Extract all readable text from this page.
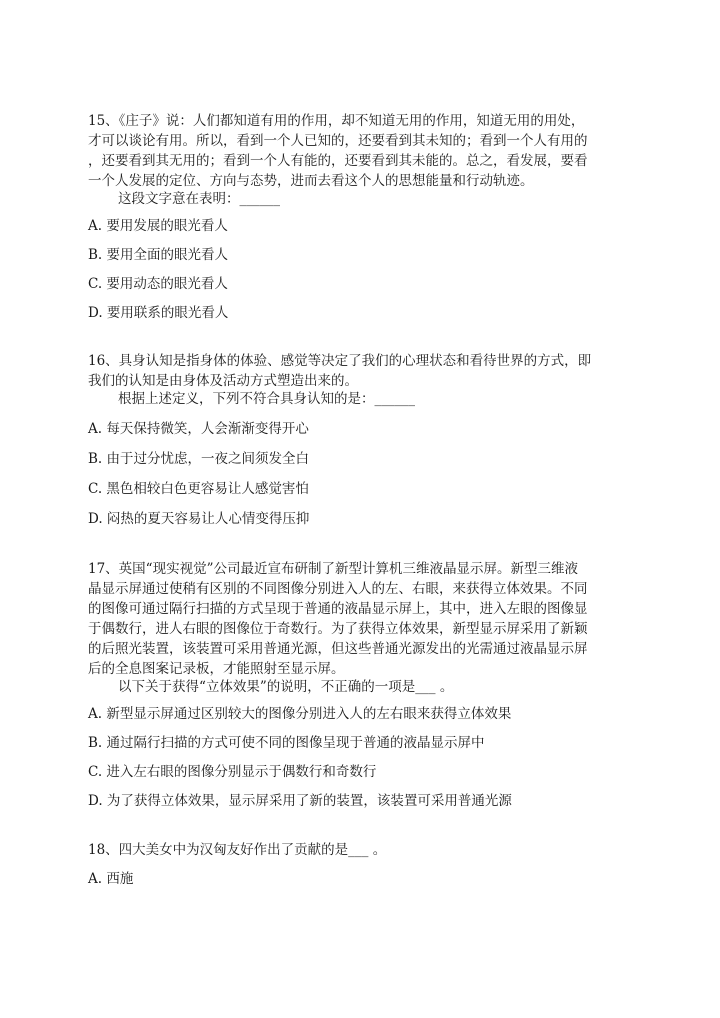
15、《庄子》说：人们都知道有用的作用，却不知道无用的作用，知道无用的用处，
才可以谈论有用。所以，看到一个人已知的，还要看到其未知的；看到一个人有用的
，还要看到其无用的；看到一个人有能的，还要看到其未能的。总之，看发展，要看
一个人发展的定位、方向与态势，进而去看这个人的思想能量和行动轨迹。
这段文字意在表明：______
A. 要用发展的眼光看人
B. 要用全面的眼光看人
C. 要用动态的眼光看人
D. 要用联系的眼光看人
16、具身认知是指身体的体验、感觉等决定了我们的心理状态和看待世界的方式，即
我们的认知是由身体及活动方式塑造出来的。
根据上述定义，下列不符合具身认知的是：______
A. 每天保持微笑，人会渐渐变得开心
B. 由于过分忧虑，一夜之间须发全白
C. 黑色相较白色更容易让人感觉害怕
D. 闷热的夏天容易让人心情变得压抑
17、英国“现实视觉”公司最近宣布研制了新型计算机三维液晶显示屏。新型三维液
晶显示屏通过使稍有区别的不同图像分别进入人的左、右眼，来获得立体效果。不同
的图像可通过隔行扫描的方式呈现于普通的液晶显示屏上，其中，进入左眼的图像显
于偶数行，进人右眼的图像位于奇数行。为了获得立体效果，新型显示屏采用了新颖
的后照光装置，该装置可采用普通光源，但这些普通光源发出的光需通过液晶显示屏
后的全息图案记录板，才能照射至显示屏。
以下关于获得“立体效果”的说明，不正确的一项是___ 。
A. 新型显示屏通过区别较大的图像分别进入人的左右眼来获得立体效果
B. 通过隔行扫描的方式可使不同的图像呈现于普通的液晶显示屏中
C. 进入左右眼的图像分别显示于偶数行和奇数行
D. 为了获得立体效果，显示屏采用了新的装置，该装置可采用普通光源
18、四大美女中为汉匈友好作出了贡献的是___ 。
A. 西施
